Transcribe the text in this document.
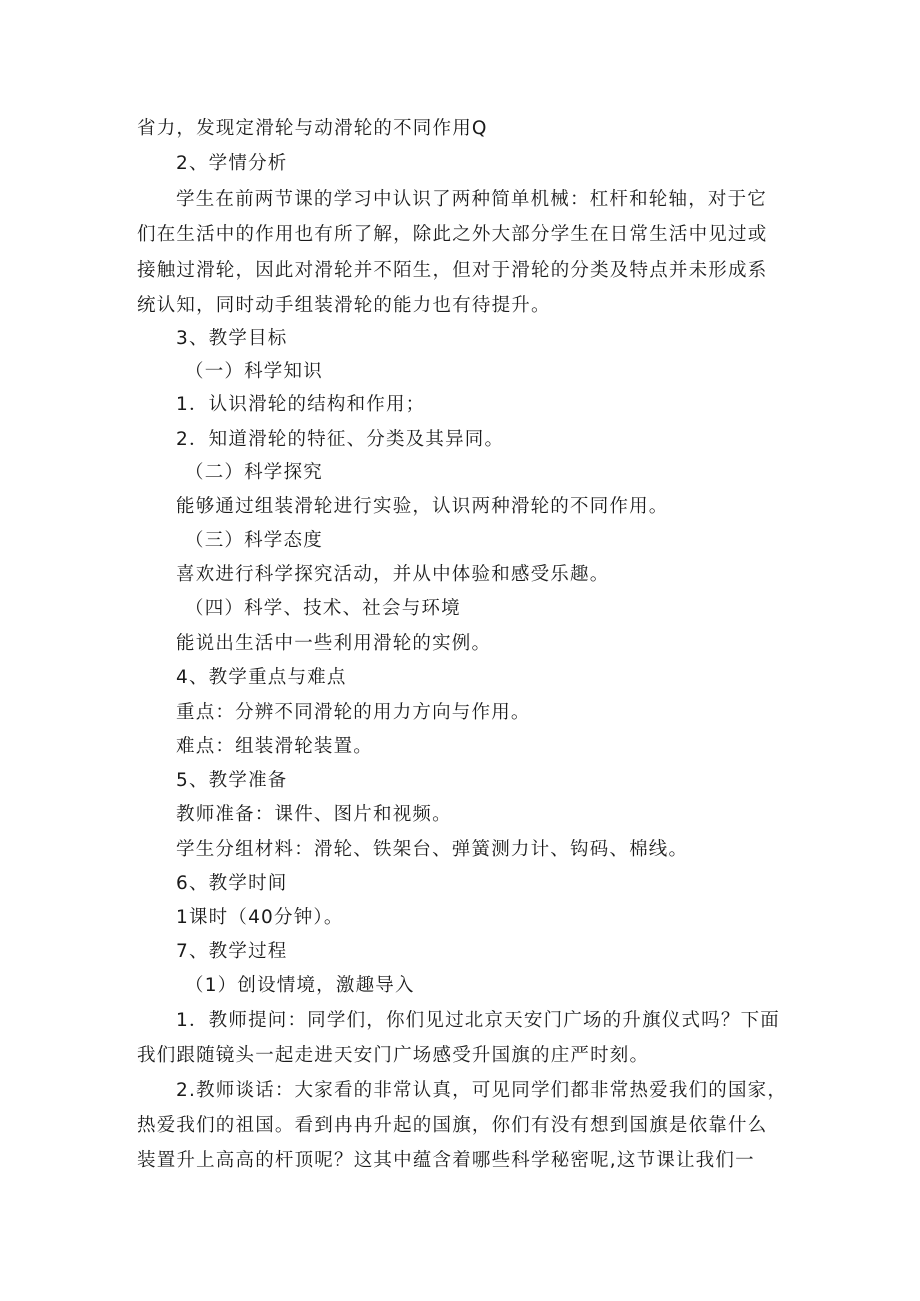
省力，发现定滑轮与动滑轮的不同作用Q
2、学情分析
学生在前两节课的学习中认识了两种简单机械：杠杆和轮轴，对于它
们在生活中的作用也有所了解，除此之外大部分学生在日常生活中见过或
接触过滑轮，因此对滑轮并不陌生，但对于滑轮的分类及特点并未形成系
统认知，同时动手组装滑轮的能力也有待提升。
3、教学目标
（一）科学知识
1．认识滑轮的结构和作用；
2．知道滑轮的特征、分类及其异同。
（二）科学探究
能够通过组装滑轮进行实验，认识两种滑轮的不同作用。
（三）科学态度
喜欢进行科学探究活动，并从中体验和感受乐趣。
（四）科学、技术、社会与环境
能说出生活中一些利用滑轮的实例。
4、教学重点与难点
重点：分辨不同滑轮的用力方向与作用。
难点：组装滑轮装置。
5、教学准备
教师准备：课件、图片和视频。
学生分组材料：滑轮、铁架台、弹簧测力计、钩码、棉线。
6、教学时间
1课时（40分钟）。
7、教学过程
（1）创设情境，激趣导入
1．教师提问：同学们，你们见过北京天安门广场的升旗仪式吗？下面
我们跟随镜头一起走进天安门广场感受升国旗的庄严时刻。
2.教师谈话：大家看的非常认真，可见同学们都非常热爱我们的国家，
热爱我们的祖国。看到冉冉升起的国旗，你们有没有想到国旗是依靠什么
装置升上高高的杆顶呢？这其中蕴含着哪些科学秘密呢,这节课让我们一
